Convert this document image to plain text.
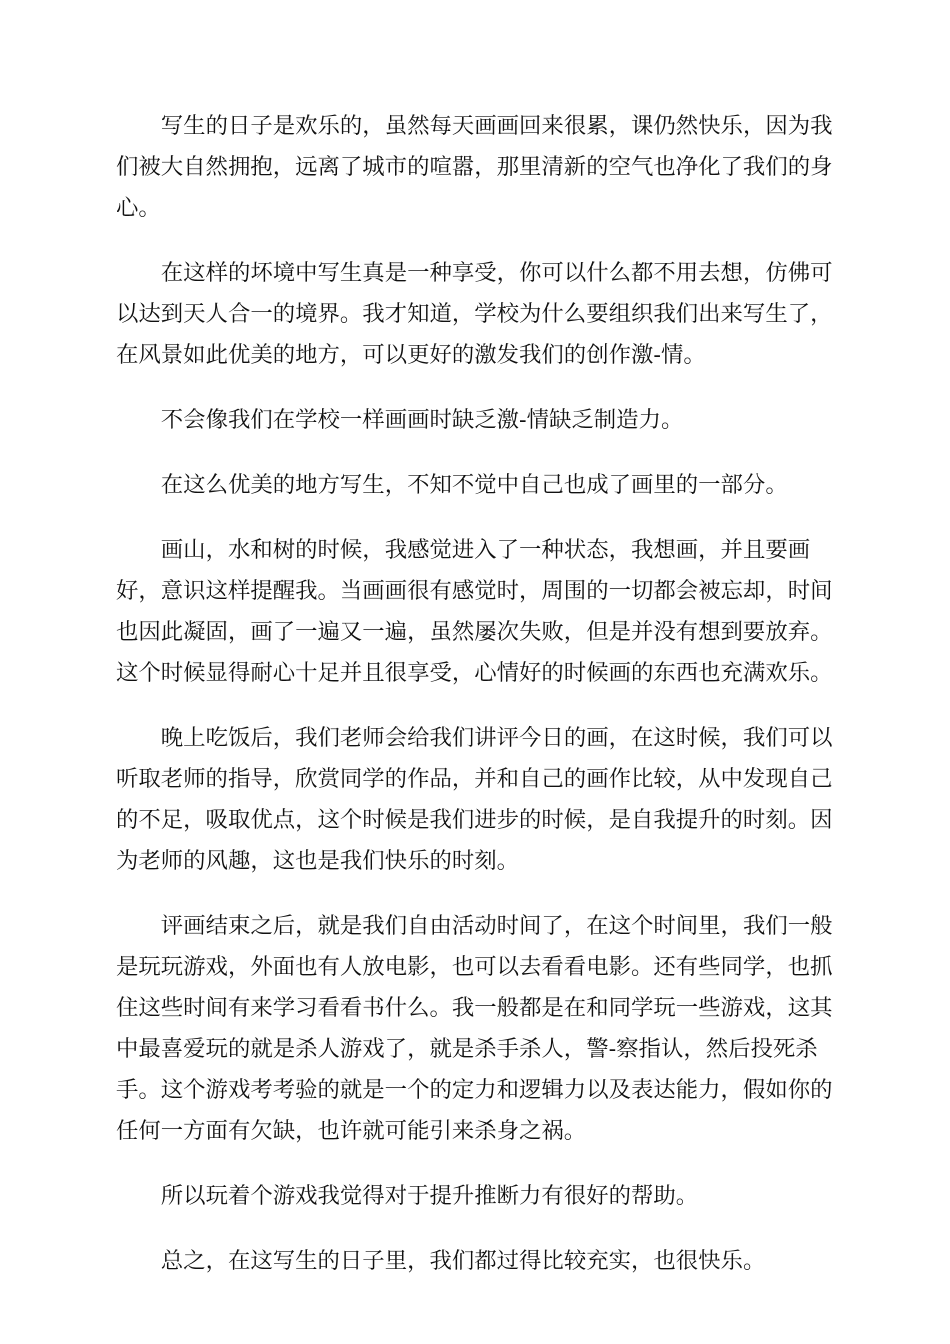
写生的日子是欢乐的，虽然每天画画回来很累，课仍然快乐，因为我们被大自然拥抱，远离了城市的喧嚣，那里清新的空气也净化了我们的身心。

在这样的坏境中写生真是一种享受，你可以什么都不用去想，仿佛可以达到天人合一的境界。我才知道，学校为什么要组织我们出来写生了，在风景如此优美的地方，可以更好的激发我们的创作激-情。

不会像我们在学校一样画画时缺乏激-情缺乏制造力。

在这么优美的地方写生，不知不觉中自己也成了画里的一部分。

画山，水和树的时候，我感觉进入了一种状态，我想画，并且要画好，意识这样提醒我。当画画很有感觉时，周围的一切都会被忘却，时间也因此凝固，画了一遍又一遍，虽然屡次失败，但是并没有想到要放弃。这个时候显得耐心十足并且很享受，心情好的时候画的东西也充满欢乐。

晚上吃饭后，我们老师会给我们讲评今日的画，在这时候，我们可以听取老师的指导，欣赏同学的作品，并和自己的画作比较，从中发现自己的不足，吸取优点，这个时候是我们进步的时候，是自我提升的时刻。因为老师的风趣，这也是我们快乐的时刻。

评画结束之后，就是我们自由活动时间了，在这个时间里，我们一般是玩玩游戏，外面也有人放电影，也可以去看看电影。还有些同学，也抓住这些时间有来学习看看书什么。我一般都是在和同学玩一些游戏，这其中最喜爱玩的就是杀人游戏了，就是杀手杀人，警-察指认，然后投死杀手。这个游戏考考验的就是一个的定力和逻辑力以及表达能力，假如你的任何一方面有欠缺，也许就可能引来杀身之祸。

所以玩着个游戏我觉得对于提升推断力有很好的帮助。

总之，在这写生的日子里，我们都过得比较充实，也很快乐。
